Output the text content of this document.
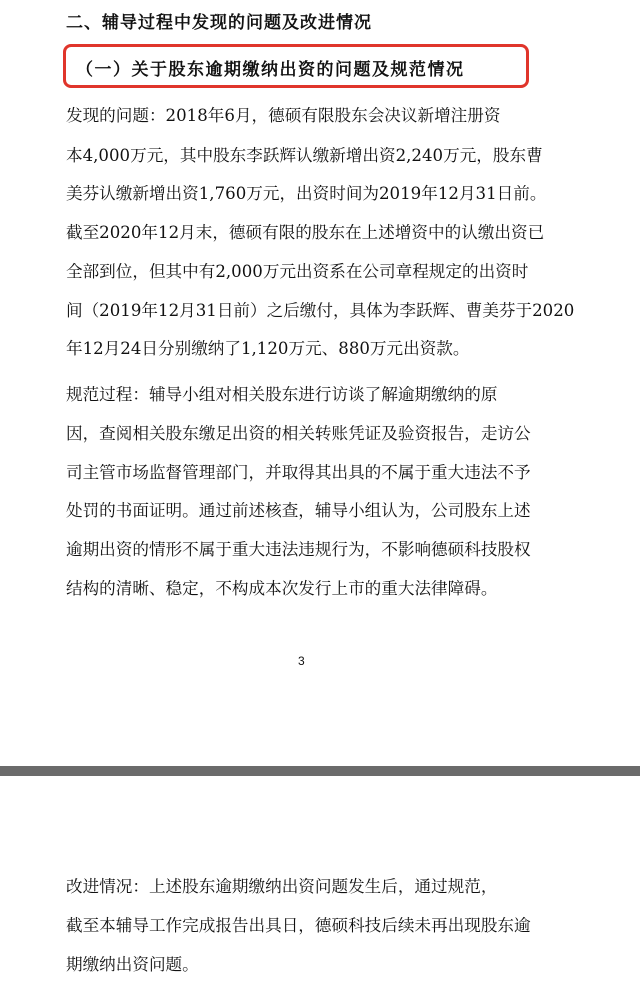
二、辅导过程中发现的问题及改进情况
（一）关于股东逾期缴纳出资的问题及规范情况
发现的问题：2018年6月，德硕有限股东会决议新增注册资
本4,000万元，其中股东李跃辉认缴新增出资2,240万元，股东曹
美芬认缴新增出资1,760万元，出资时间为2019年12月31日前。
截至2020年12月末，德硕有限的股东在上述增资中的认缴出资已
全部到位，但其中有2,000万元出资系在公司章程规定的出资时
间（2019年12月31日前）之后缴付，具体为李跃辉、曹美芬于2020
年12月24日分别缴纳了1,120万元、880万元出资款。
规范过程：辅导小组对相关股东进行访谈了解逾期缴纳的原
因，查阅相关股东缴足出资的相关转账凭证及验资报告，走访公
司主管市场监督管理部门，并取得其出具的不属于重大违法不予
处罚的书面证明。通过前述核查，辅导小组认为，公司股东上述
逾期出资的情形不属于重大违法违规行为，不影响德硕科技股权
结构的清晰、稳定，不构成本次发行上市的重大法律障碍。
3
改进情况：上述股东逾期缴纳出资问题发生后，通过规范，
截至本辅导工作完成报告出具日，德硕科技后续未再出现股东逾
期缴纳出资问题。
